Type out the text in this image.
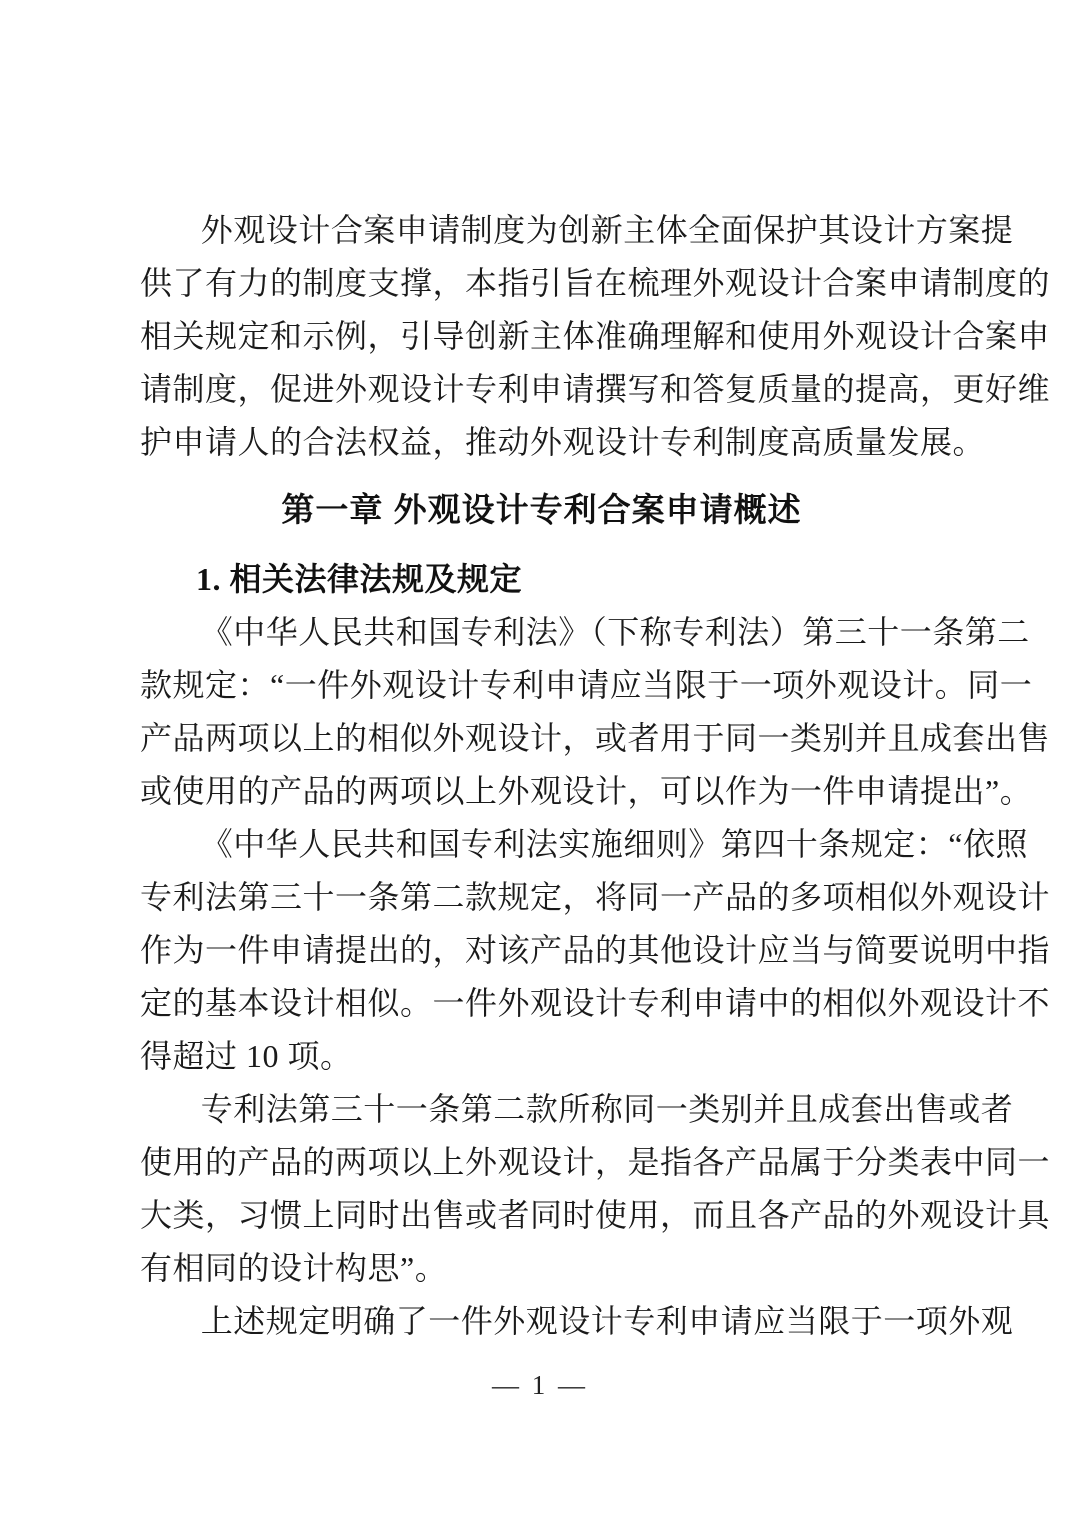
外观设计合案申请制度为创新主体全面保护其设计方案提
供了有力的制度支撑，本指引旨在梳理外观设计合案申请制度的
相关规定和示例，引导创新主体准确理解和使用外观设计合案申
请制度，促进外观设计专利申请撰写和答复质量的提高，更好维
护申请人的合法权益，推动外观设计专利制度高质量发展。
第一章 外观设计专利合案申请概述
1. 相关法律法规及规定
《中华人民共和国专利法》（下称专利法）第三十一条第二
款规定：“一件外观设计专利申请应当限于一项外观设计。同一
产品两项以上的相似外观设计，或者用于同一类别并且成套出售
或使用的产品的两项以上外观设计，可以作为一件申请提出”。
《中华人民共和国专利法实施细则》第四十条规定：“依照
专利法第三十一条第二款规定，将同一产品的多项相似外观设计
作为一件申请提出的，对该产品的其他设计应当与简要说明中指
定的基本设计相似。一件外观设计专利申请中的相似外观设计不
得超过 10 项。
专利法第三十一条第二款所称同一类别并且成套出售或者
使用的产品的两项以上外观设计，是指各产品属于分类表中同一
大类，习惯上同时出售或者同时使用，而且各产品的外观设计具
有相同的设计构思”。
上述规定明确了一件外观设计专利申请应当限于一项外观
— 1 —
